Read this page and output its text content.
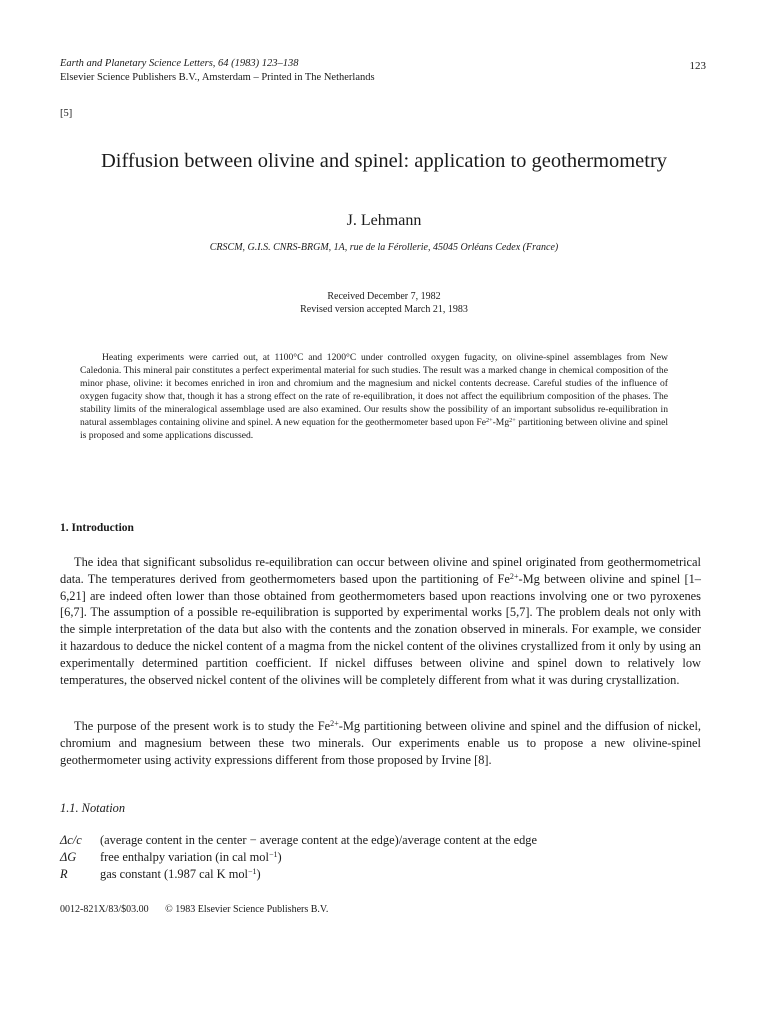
Earth and Planetary Science Letters, 64 (1983) 123–138
Elsevier Science Publishers B.V., Amsterdam – Printed in The Netherlands
123
[5]
Diffusion between olivine and spinel: application to geothermometry
J. Lehmann
CRSCM, G.I.S. CNRS-BRGM, 1A, rue de la Férollerie, 45045 Orléans Cedex (France)
Received December 7, 1982
Revised version accepted March 21, 1983
Heating experiments were carried out, at 1100°C and 1200°C under controlled oxygen fugacity, on olivine-spinel assemblages from New Caledonia. This mineral pair constitutes a perfect experimental material for such studies. The result was a marked change in chemical composition of the minor phase, olivine: it becomes enriched in iron and chromium and the magnesium and nickel contents decrease. Careful studies of the influence of oxygen fugacity show that, though it has a strong effect on the rate of re-equilibration, it does not affect the equilibrium composition of the phases. The stability limits of the mineralogical assemblage used are also examined. Our results show the possibility of an important subsolidus re-equilibration in natural assemblages containing olivine and spinel. A new equation for the geothermometer based upon $Fe^{2+}-Mg^{2+}$ partitioning between olivine and spinel is proposed and some applications discussed.
1. Introduction
The idea that significant subsolidus re-equilibration can occur between olivine and spinel originated from geothermometrical data. The temperatures derived from geothermometers based upon the partitioning of $Fe^{2+}-Mg$ between olivine and spinel [1–6,21] are indeed often lower than those obtained from geothermometers based upon reactions involving one or two pyroxenes [6,7]. The assumption of a possible re-equilibration is supported by experimental works [5,7]. The problem deals not only with the simple interpretation of the data but also with the contents and the zonation observed in minerals. For example, we consider it hazardous to deduce the nickel content of a magma from the nickel content of the olivines crystallized from it only by using an experimentally determined partition coefficient. If nickel diffuses between olivine and spinel down to relatively low temperatures, the observed nickel content of the olivines will be completely different from what it was during crystallization.
The purpose of the present work is to study the $Fe^{2+}-Mg$ partitioning between olivine and spinel and the diffusion of nickel, chromium and magnesium between these two minerals. Our experiments enable us to propose a new olivine-spinel geothermometer using activity expressions different from those proposed by Irvine [8].
1.1. Notation
Δc/c	(average content in the center − average content at the edge)/average content at the edge
ΔG	free enthalpy variation (in cal mol$^{-1}$)
R	gas constant (1.987 cal K mol$^{-1}$)
0012-821X/83/$03.00 © 1983 Elsevier Science Publishers B.V.
